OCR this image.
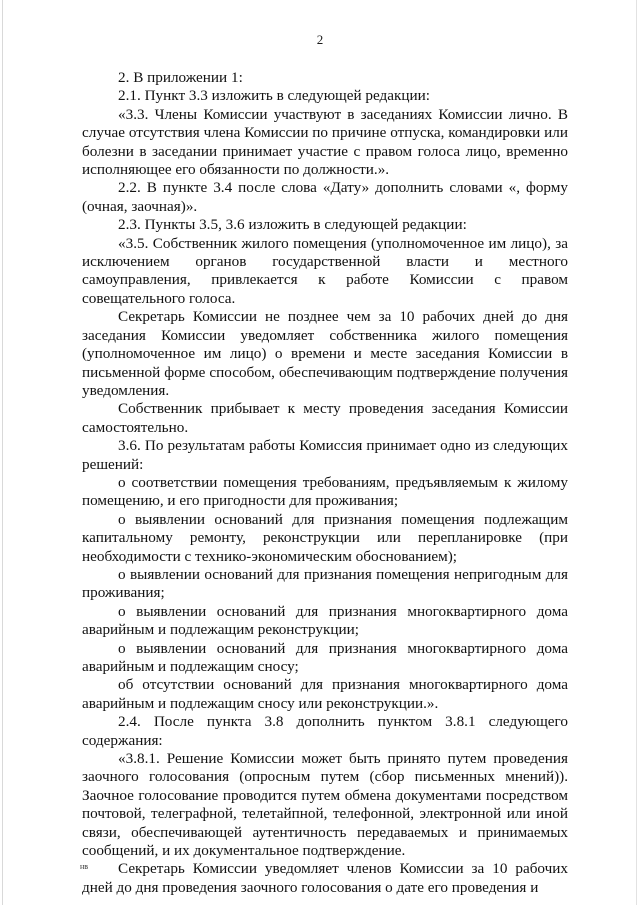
2

2. В приложении 1:

2.1. Пункт 3.3 изложить в следующей редакции:

«3.3. Члены Комиссии участвуют в заседаниях Комиссии лично. В случае отсутствия члена Комиссии по причине отпуска, командировки или болезни в заседании принимает участие с правом голоса лицо, временно исполняющее его обязанности по должности.».

2.2. В пункте 3.4 после слова «Дату» дополнить словами «, форму (очная, заочная)».

2.3. Пункты 3.5, 3.6 изложить в следующей редакции:

«3.5. Собственник жилого помещения (уполномоченное им лицо), за исключением органов государственной власти и местного самоуправления, привлекается к работе Комиссии с правом совещательного голоса.

Секретарь Комиссии не позднее чем за 10 рабочих дней до дня заседания Комиссии уведомляет собственника жилого помещения (уполномоченное им лицо) о времени и месте заседания Комиссии в письменной форме способом, обеспечивающим подтверждение получения уведомления.

Собственник прибывает к месту проведения заседания Комиссии самостоятельно.

3.6. По результатам работы Комиссия принимает одно из следующих решений:

о соответствии помещения требованиям, предъявляемым к жилому помещению, и его пригодности для проживания;

о выявлении оснований для признания помещения подлежащим капитальному ремонту, реконструкции или перепланировке (при необходимости с технико-экономическим обоснованием);

о выявлении оснований для признания помещения непригодным для проживания;

о выявлении оснований для признания многоквартирного дома аварийным и подлежащим реконструкции;

о выявлении оснований для признания многоквартирного дома аварийным и подлежащим сносу;

об отсутствии оснований для признания многоквартирного дома аварийным и подлежащим сносу или реконструкции.».

2.4. После пункта 3.8 дополнить пунктом 3.8.1 следующего содержания:

«3.8.1. Решение Комиссии может быть принято путем проведения заочного голосования (опросным путем (сбор письменных мнений)). Заочное голосование проводится путем обмена документами посредством почтовой, телеграфной, телетайпной, телефонной, электронной или иной связи, обеспечивающей аутентичность передаваемых и принимаемых сообщений, и их документальное подтверждение.

Секретарь Комиссии уведомляет членов Комиссии за 10 рабочих дней до дня проведения заочного голосования о дате его проведения и

нв
